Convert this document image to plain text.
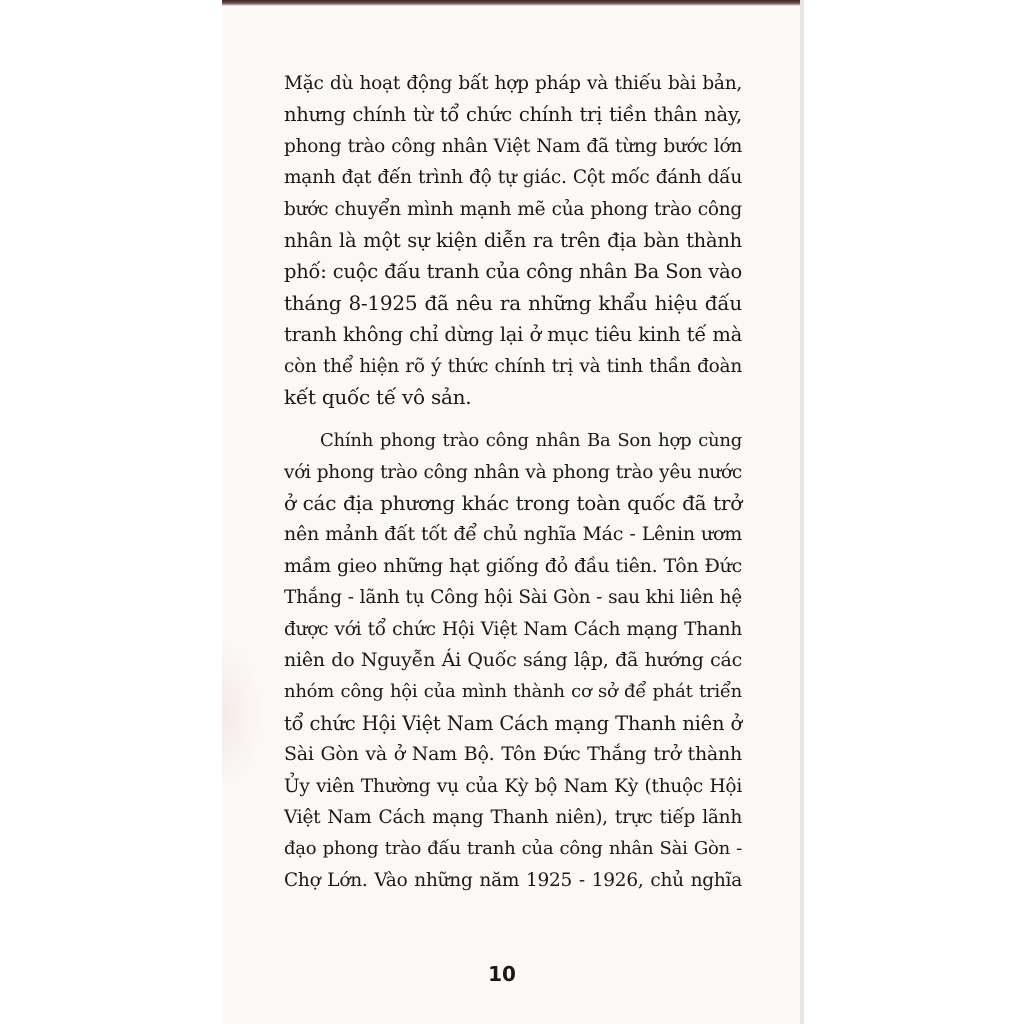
Mặc dù hoạt động bất hợp pháp và thiếu bài bản,
nhưng chính từ tổ chức chính trị tiền thân này,
phong trào công nhân Việt Nam đã từng bước lớn
mạnh đạt đến trình độ tự giác. Cột mốc đánh dấu
bước chuyển mình mạnh mẽ của phong trào công
nhân là một sự kiện diễn ra trên địa bàn thành
phố: cuộc đấu tranh của công nhân Ba Son vào
tháng 8-1925 đã nêu ra những khẩu hiệu đấu
tranh không chỉ dừng lại ở mục tiêu kinh tế mà
còn thể hiện rõ ý thức chính trị và tinh thần đoàn
kết quốc tế vô sản.
Chính phong trào công nhân Ba Son hợp cùng
với phong trào công nhân và phong trào yêu nước
ở các địa phương khác trong toàn quốc đã trở
nên mảnh đất tốt để chủ nghĩa Mác - Lênin ươm
mầm gieo những hạt giống đỏ đầu tiên. Tôn Đức
Thắng - lãnh tụ Công hội Sài Gòn - sau khi liên hệ
được với tổ chức Hội Việt Nam Cách mạng Thanh
niên do Nguyễn Ái Quốc sáng lập, đã hướng các
nhóm công hội của mình thành cơ sở để phát triển
tổ chức Hội Việt Nam Cách mạng Thanh niên ở
Sài Gòn và ở Nam Bộ. Tôn Đức Thắng trở thành
Ủy viên Thường vụ của Kỳ bộ Nam Kỳ (thuộc Hội
Việt Nam Cách mạng Thanh niên), trực tiếp lãnh
đạo phong trào đấu tranh của công nhân Sài Gòn -
Chợ Lớn. Vào những năm 1925 - 1926, chủ nghĩa
10
